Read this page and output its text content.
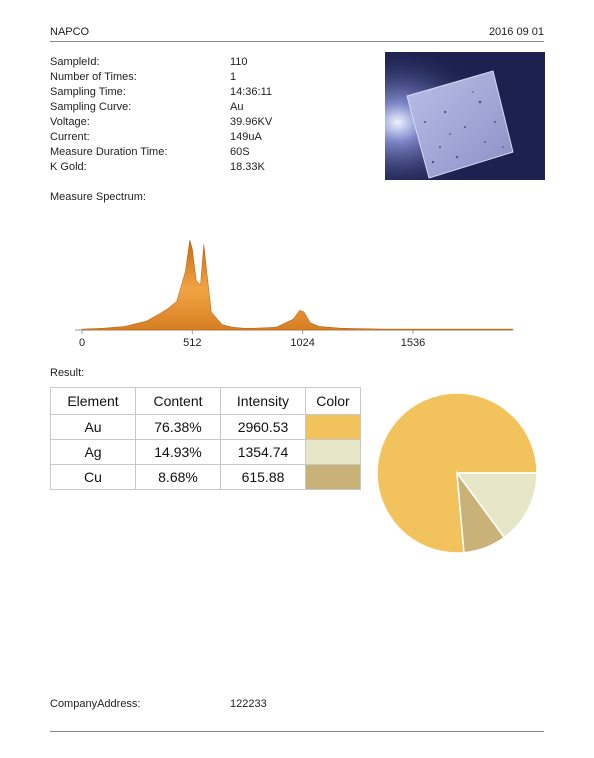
NAPCO	2016 09 01
SampleId:	110
Number of Times:	1
Sampling Time:	14:36:11
Sampling Curve:	Au
Voltage:	39.96KV
Current:	149uA
Measure Duration Time:	60S
K Gold:	18.33K
Measure Spectrum:
0	512	1024	1536
Result:
Element	Content	Intensity	Color
Au	76.38%	2960.53	

Ag	14.93%	1354.74	

Cu	8.68%	615.88	
CompanyAddress:	122233
